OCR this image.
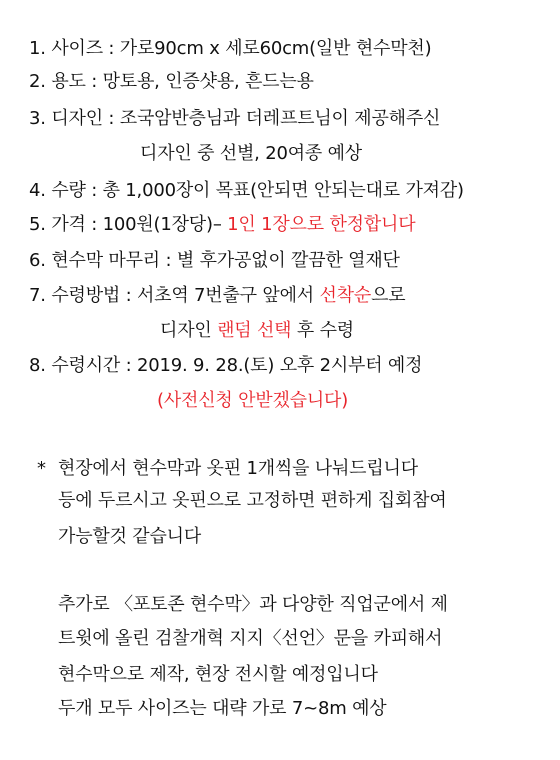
1. 사이즈 : 가로90cm x 세로60cm(일반 현수막천)
2. 용도 : 망토용, 인증샷용, 흔드는용
3. 디자인 : 조국암반층님과 더레프트님이 제공해주신
디자인 중 선별, 20여종 예상
4. 수량 : 총 1,000장이 목표(안되면 안되는대로 가져감)
5. 가격 : 100원(1장당)– 1인 1장으로 한정합니다
6. 현수막 마무리 : 별 후가공없이 깔끔한 열재단
7. 수령방법 : 서초역 7번출구 앞에서 선착순으로
디자인 랜덤 선택 후 수령
8. 수령시간 : 2019. 9. 28.(토) 오후 2시부터 예정
(사전신청 안받겠습니다)
* 현장에서 현수막과 옷핀 1개씩을 나눠드립니다
등에 두르시고 옷핀으로 고정하면 편하게 집회참여
가능할것 같습니다
추가로 〈포토존 현수막〉과 다양한 직업군에서 제
트윗에 올린 검찰개혁 지지〈선언〉문을 카피해서
현수막으로 제작, 현장 전시할 예정입니다
두개 모두 사이즈는 대략 가로 7~8m 예상
